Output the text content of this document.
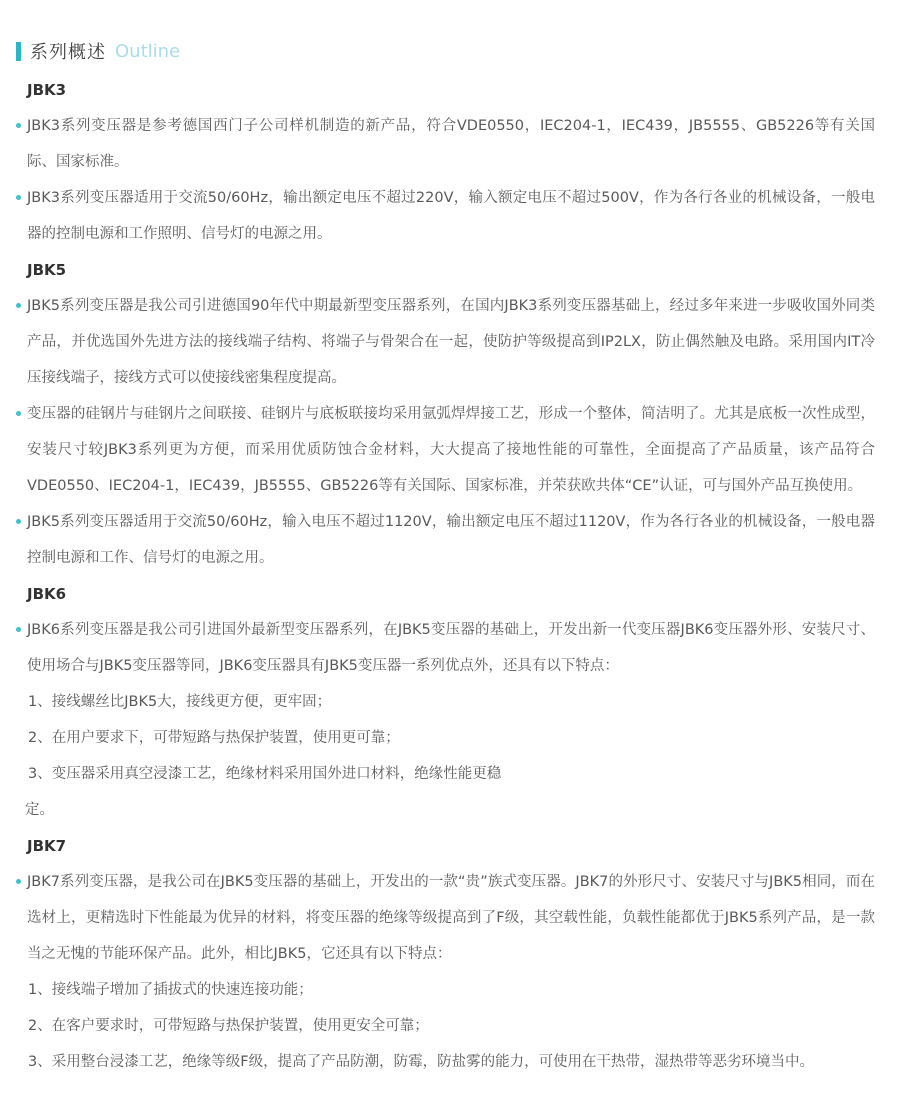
系列概述 Outline
JBK3

JBK3系列变压器是参考德国西门子公司样机制造的新产品，符合VDE0550，IEC204-1，IEC439，JB5555、GB5226等有关国际、国家标准。

JBK3系列变压器适用于交流50/60Hz，输出额定电压不超过220V，输入额定电压不超过500V，作为各行各业的机械设备，一般电器的控制电源和工作照明、信号灯的电源之用。

JBK5

JBK5系列变压器是我公司引进德国90年代中期最新型变压器系列，在国内JBK3系列变压器基础上，经过多年来进一步吸收国外同类产品，并优选国外先进方法的接线端子结构、将端子与骨架合在一起，使防护等级提高到IP2LX，防止偶然触及电路。采用国内IT冷压接线端子，接线方式可以使接线密集程度提高。

变压器的硅钢片与硅钢片之间联接、硅钢片与底板联接均采用氩弧焊焊接工艺，形成一个整体，简洁明了。尤其是底板一次性成型，安装尺寸较JBK3系列更为方便，而采用优质防蚀合金材料，大大提高了接地性能的可靠性，全面提高了产品质量，该产品符合VDE0550、IEC204-1，IEC439，JB5555、GB5226等有关国际、国家标准，并荣获欧共体“CE”认证，可与国外产品互换使用。

JBK5系列变压器适用于交流50/60Hz，输入电压不超过1120V，输出额定电压不超过1120V，作为各行各业的机械设备，一般电器控制电源和工作、信号灯的电源之用。

JBK6

JBK6系列变压器是我公司引进国外最新型变压器系列，在JBK5变压器的基础上，开发出新一代变压器JBK6变压器外形、安装尺寸、使用场合与JBK5变压器等同，JBK6变压器具有JBK5变压器一系列优点外，还具有以下特点：

1、接线螺丝比JBK5大，接线更方便，更牢固；

2、在用户要求下，可带短路与热保护装置，使用更可靠；

3、变压器采用真空浸漆工艺，绝缘材料采用国外进口材料，绝缘性能更稳

定。

JBK7

JBK7系列变压器，是我公司在JBK5变压器的基础上，开发出的一款“贵”族式变压器。JBK7的外形尺寸、安装尺寸与JBK5相同，而在选材上，更精选时下性能最为优异的材料，将变压器的绝缘等级提高到了F级，其空载性能，负载性能都优于JBK5系列产品，是一款当之无愧的节能环保产品。此外，相比JBK5，它还具有以下特点：

1、接线端子增加了插拔式的快速连接功能；

2、在客户要求时，可带短路与热保护装置，使用更安全可靠；

3、采用整台浸漆工艺，绝缘等级F级，提高了产品防潮，防霉，防盐雾的能力，可使用在干热带，湿热带等恶劣环境当中。
